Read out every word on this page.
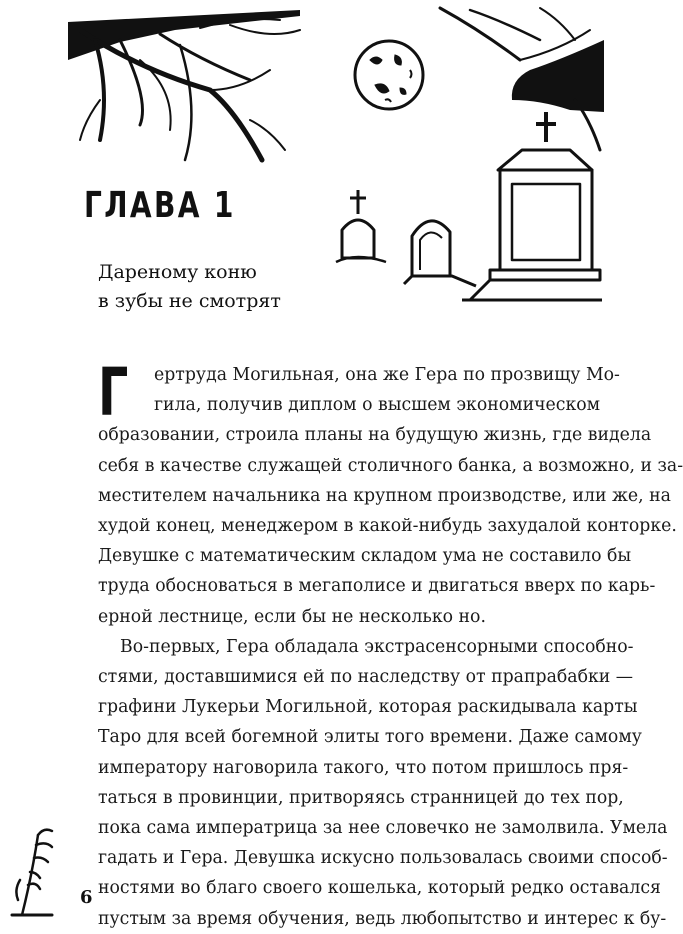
ГЛАВА 1
Дареному коню
в зубы не смотрят
Г	ертруда Могильная, она же Гера по прозвищу Мо-
гила, получив диплом о высшем экономическом
образовании, строила планы на будущую жизнь, где видела
себя в качестве служащей столичного банка, а возможно, и за-
местителем начальника на крупном производстве, или же, на
худой конец, менеджером в какой-нибудь захудалой конторке.
Девушке с математическим складом ума не составило бы
труда обосноваться в мегаполисе и двигаться вверх по карь-
ерной лестнице, если бы не несколько но.
Во-первых, Гера обладала экстрасенсорными способно-
стями, доставшимися ей по наследству от прапрабабки —
графини Лукерьи Могильной, которая раскидывала карты
Таро для всей богемной элиты того времени. Даже самому
императору наговорила такого, что потом пришлось пря-
таться в провинции, притворяясь странницей до тех пор,
пока сама императрица за нее словечко не замолвила. Умела
гадать и Гера. Девушка искусно пользовалась своими способ-
ностями во благо своего кошелька, который редко оставался
пустым за время обучения, ведь любопытство и интерес к бу-
6
